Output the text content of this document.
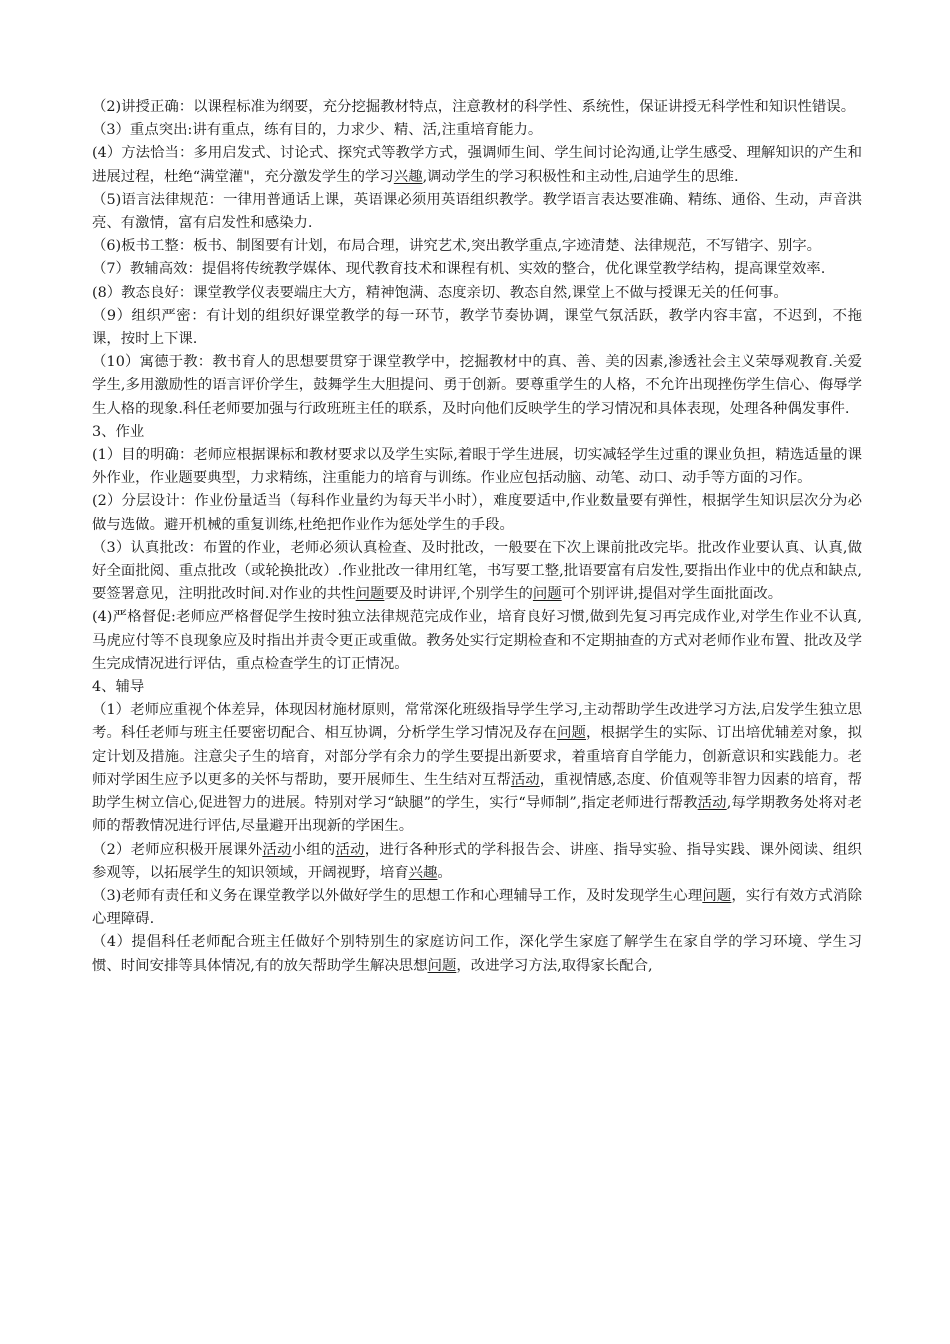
（2)讲授正确：以课程标准为纲要，充分挖掘教材特点，注意教材的科学性、系统性，保证讲授无科学性和知识性错误。

（3）重点突出:讲有重点，练有目的，力求少、精、活,注重培育能力。

(4）方法恰当：多用启发式、讨论式、探究式等教学方式，强调师生间、学生间讨论沟通,让学生感受、理解知识的产生和进展过程，杜绝“满堂灌"，充分激发学生的学习兴趣,调动学生的学习积极性和主动性,启迪学生的思维.

（5)语言法律规范：一律用普通话上课，英语课必须用英语组织教学。教学语言表达要准确、精练、通俗、生动，声音洪亮、有激情，富有启发性和感染力.

（6)板书工整：板书、制图要有计划，布局合理，讲究艺术,突出教学重点,字迹清楚、法律规范，不写错字、别字。

（7）教辅高效：提倡将传统教学媒体、现代教育技术和课程有机、实效的整合，优化课堂教学结构，提高课堂效率.

(8）教态良好：课堂教学仪表要端庄大方，精神饱满、态度亲切、教态自然,课堂上不做与授课无关的任何事。

（9）组织严密：有计划的组织好课堂教学的每一环节，教学节奏协调，课堂气氛活跃，教学内容丰富，不迟到，不拖课，按时上下课.

（10）寓德于教：教书育人的思想要贯穿于课堂教学中，挖掘教材中的真、善、美的因素,渗透社会主义荣辱观教育.关爱学生,多用激励性的语言评价学生，鼓舞学生大胆提问、勇于创新。要尊重学生的人格，不允许出现挫伤学生信心、侮辱学生人格的现象.科任老师要加强与行政班班主任的联系，及时向他们反映学生的学习情况和具体表现，处理各种偶发事件.

3、作业

(1）目的明确：老师应根据课标和教材要求以及学生实际,着眼于学生进展，切实减轻学生过重的课业负担，精选适量的课外作业，作业题要典型，力求精练，注重能力的培育与训练。作业应包括动脑、动笔、动口、动手等方面的习作。

(2）分层设计：作业份量适当（每科作业量约为每天半小时），难度要适中,作业数量要有弹性，根据学生知识层次分为必做与选做。避开机械的重复训练,杜绝把作业作为惩处学生的手段。

（3）认真批改：布置的作业，老师必须认真检查、及时批改，一般要在下次上课前批改完毕。批改作业要认真、认真,做好全面批阅、重点批改（或轮换批改）.作业批改一律用红笔，书写要工整,批语要富有启发性,要指出作业中的优点和缺点,要签署意见，注明批改时间.对作业的共性问题要及时讲评,个别学生的问题可个别评讲,提倡对学生面批面改。

(4)严格督促:老师应严格督促学生按时独立法律规范完成作业，培育良好习惯,做到先复习再完成作业,对学生作业不认真,马虎应付等不良现象应及时指出并责令更正或重做。教务处实行定期检查和不定期抽查的方式对老师作业布置、批改及学生完成情况进行评估，重点检查学生的订正情况。

4、辅导

（1）老师应重视个体差异，体现因材施材原则，常常深化班级指导学生学习,主动帮助学生改进学习方法,启发学生独立思考。科任老师与班主任要密切配合、相互协调，分析学生学习情况及存在问题，根据学生的实际、订出培优辅差对象，拟定计划及措施。注意尖子生的培育，对部分学有余力的学生要提出新要求，着重培育自学能力，创新意识和实践能力。老师对学困生应予以更多的关怀与帮助，要开展师生、生生结对互帮活动，重视情感,态度、价值观等非智力因素的培育，帮助学生树立信心,促进智力的进展。特别对学习“缺腿”的学生，实行“导师制”,指定老师进行帮教活动,每学期教务处将对老师的帮教情况进行评估,尽量避开出现新的学困生。

（2）老师应积极开展课外活动小组的活动，进行各种形式的学科报告会、讲座、指导实验、指导实践、课外阅读、组织参观等，以拓展学生的知识领域，开阔视野，培育兴趣。

（3)老师有责任和义务在课堂教学以外做好学生的思想工作和心理辅导工作，及时发现学生心理问题，实行有效方式消除心理障碍.

（4）提倡科任老师配合班主任做好个别特别生的家庭访问工作，深化学生家庭了解学生在家自学的学习环境、学生习惯、时间安排等具体情况,有的放矢帮助学生解决思想问题，改进学习方法,取得家长配合,
